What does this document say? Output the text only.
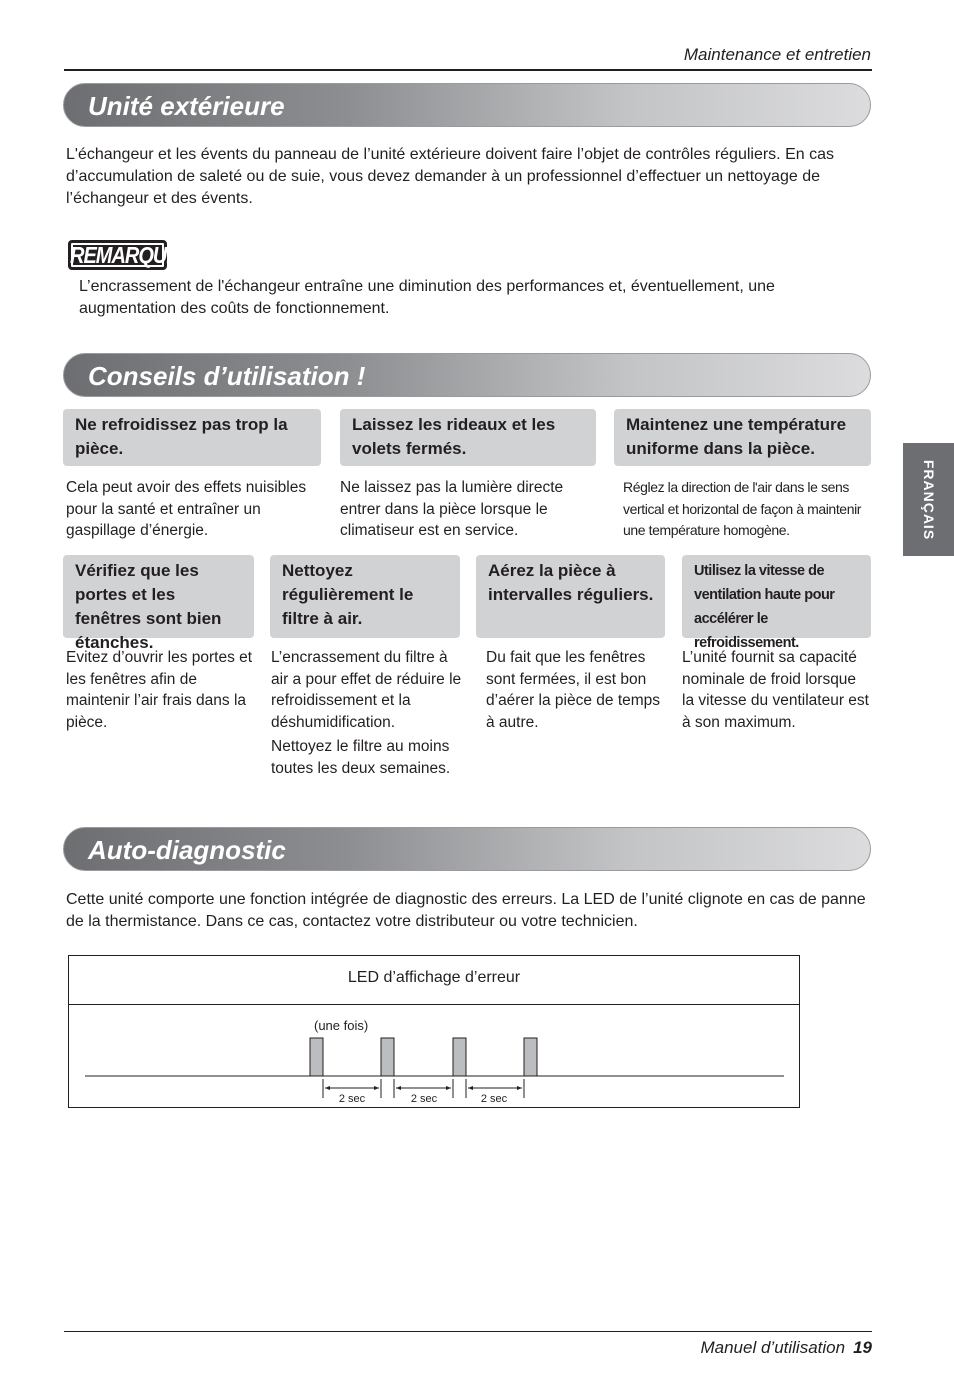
Maintenance et entretien
Unité extérieure
L'échangeur et les évents du panneau de l’unité extérieure doivent faire l’objet de contrôles réguliers. En cas d’accumulation de saleté ou de suie, vous devez demander à un professionnel d’effectuer un nettoyage de l’échangeur et des évents.
REMARQUE
L’encrassement de l'échangeur entraîne une diminution des performances et, éventuellement, une augmentation des coûts de fonctionnement.
Conseils d’utilisation !
Ne refroidissez pas trop la pièce.
Laissez les rideaux et les volets fermés.
Maintenez une température uniforme dans la pièce.
Cela peut avoir des effets nuisibles pour la santé et entraîner un gaspillage d’énergie.
Ne laissez pas la lumière directe entrer dans la pièce lorsque le climatiseur est en service.
Réglez la direction de l'air dans le sens vertical et horizontal de façon à maintenir une température homogène.
Vérifiez que les portes et les fenêtres sont bien étanches.
Nettoyez régulièrement le filtre à air.
Aérez la pièce à intervalles réguliers.
Utilisez la vitesse de ventilation haute pour accélérer le refroidissement.
Evitez d’ouvrir les portes et les fenêtres afin de maintenir l’air frais dans la pièce.
L’encrassement du filtre à air a pour effet de réduire le refroidissement et la déshumidification.
Nettoyez le filtre au moins toutes les deux semaines.
Du fait que les fenêtres sont fermées, il est bon d’aérer la pièce de temps à autre.
L’unité fournit sa capacité nominale de froid lorsque la vitesse du ventilateur est à son maximum.
FRANÇAIS
Auto-diagnostic
Cette unité comporte une fonction intégrée de diagnostic des erreurs. La LED de l’unité clignote en cas de panne de la thermistance. Dans ce cas, contactez votre distributeur ou votre technicien.
LED d’affichage d’erreur
(une fois)
2 sec	2 sec	2 sec
Manuel d’utilisation 19
